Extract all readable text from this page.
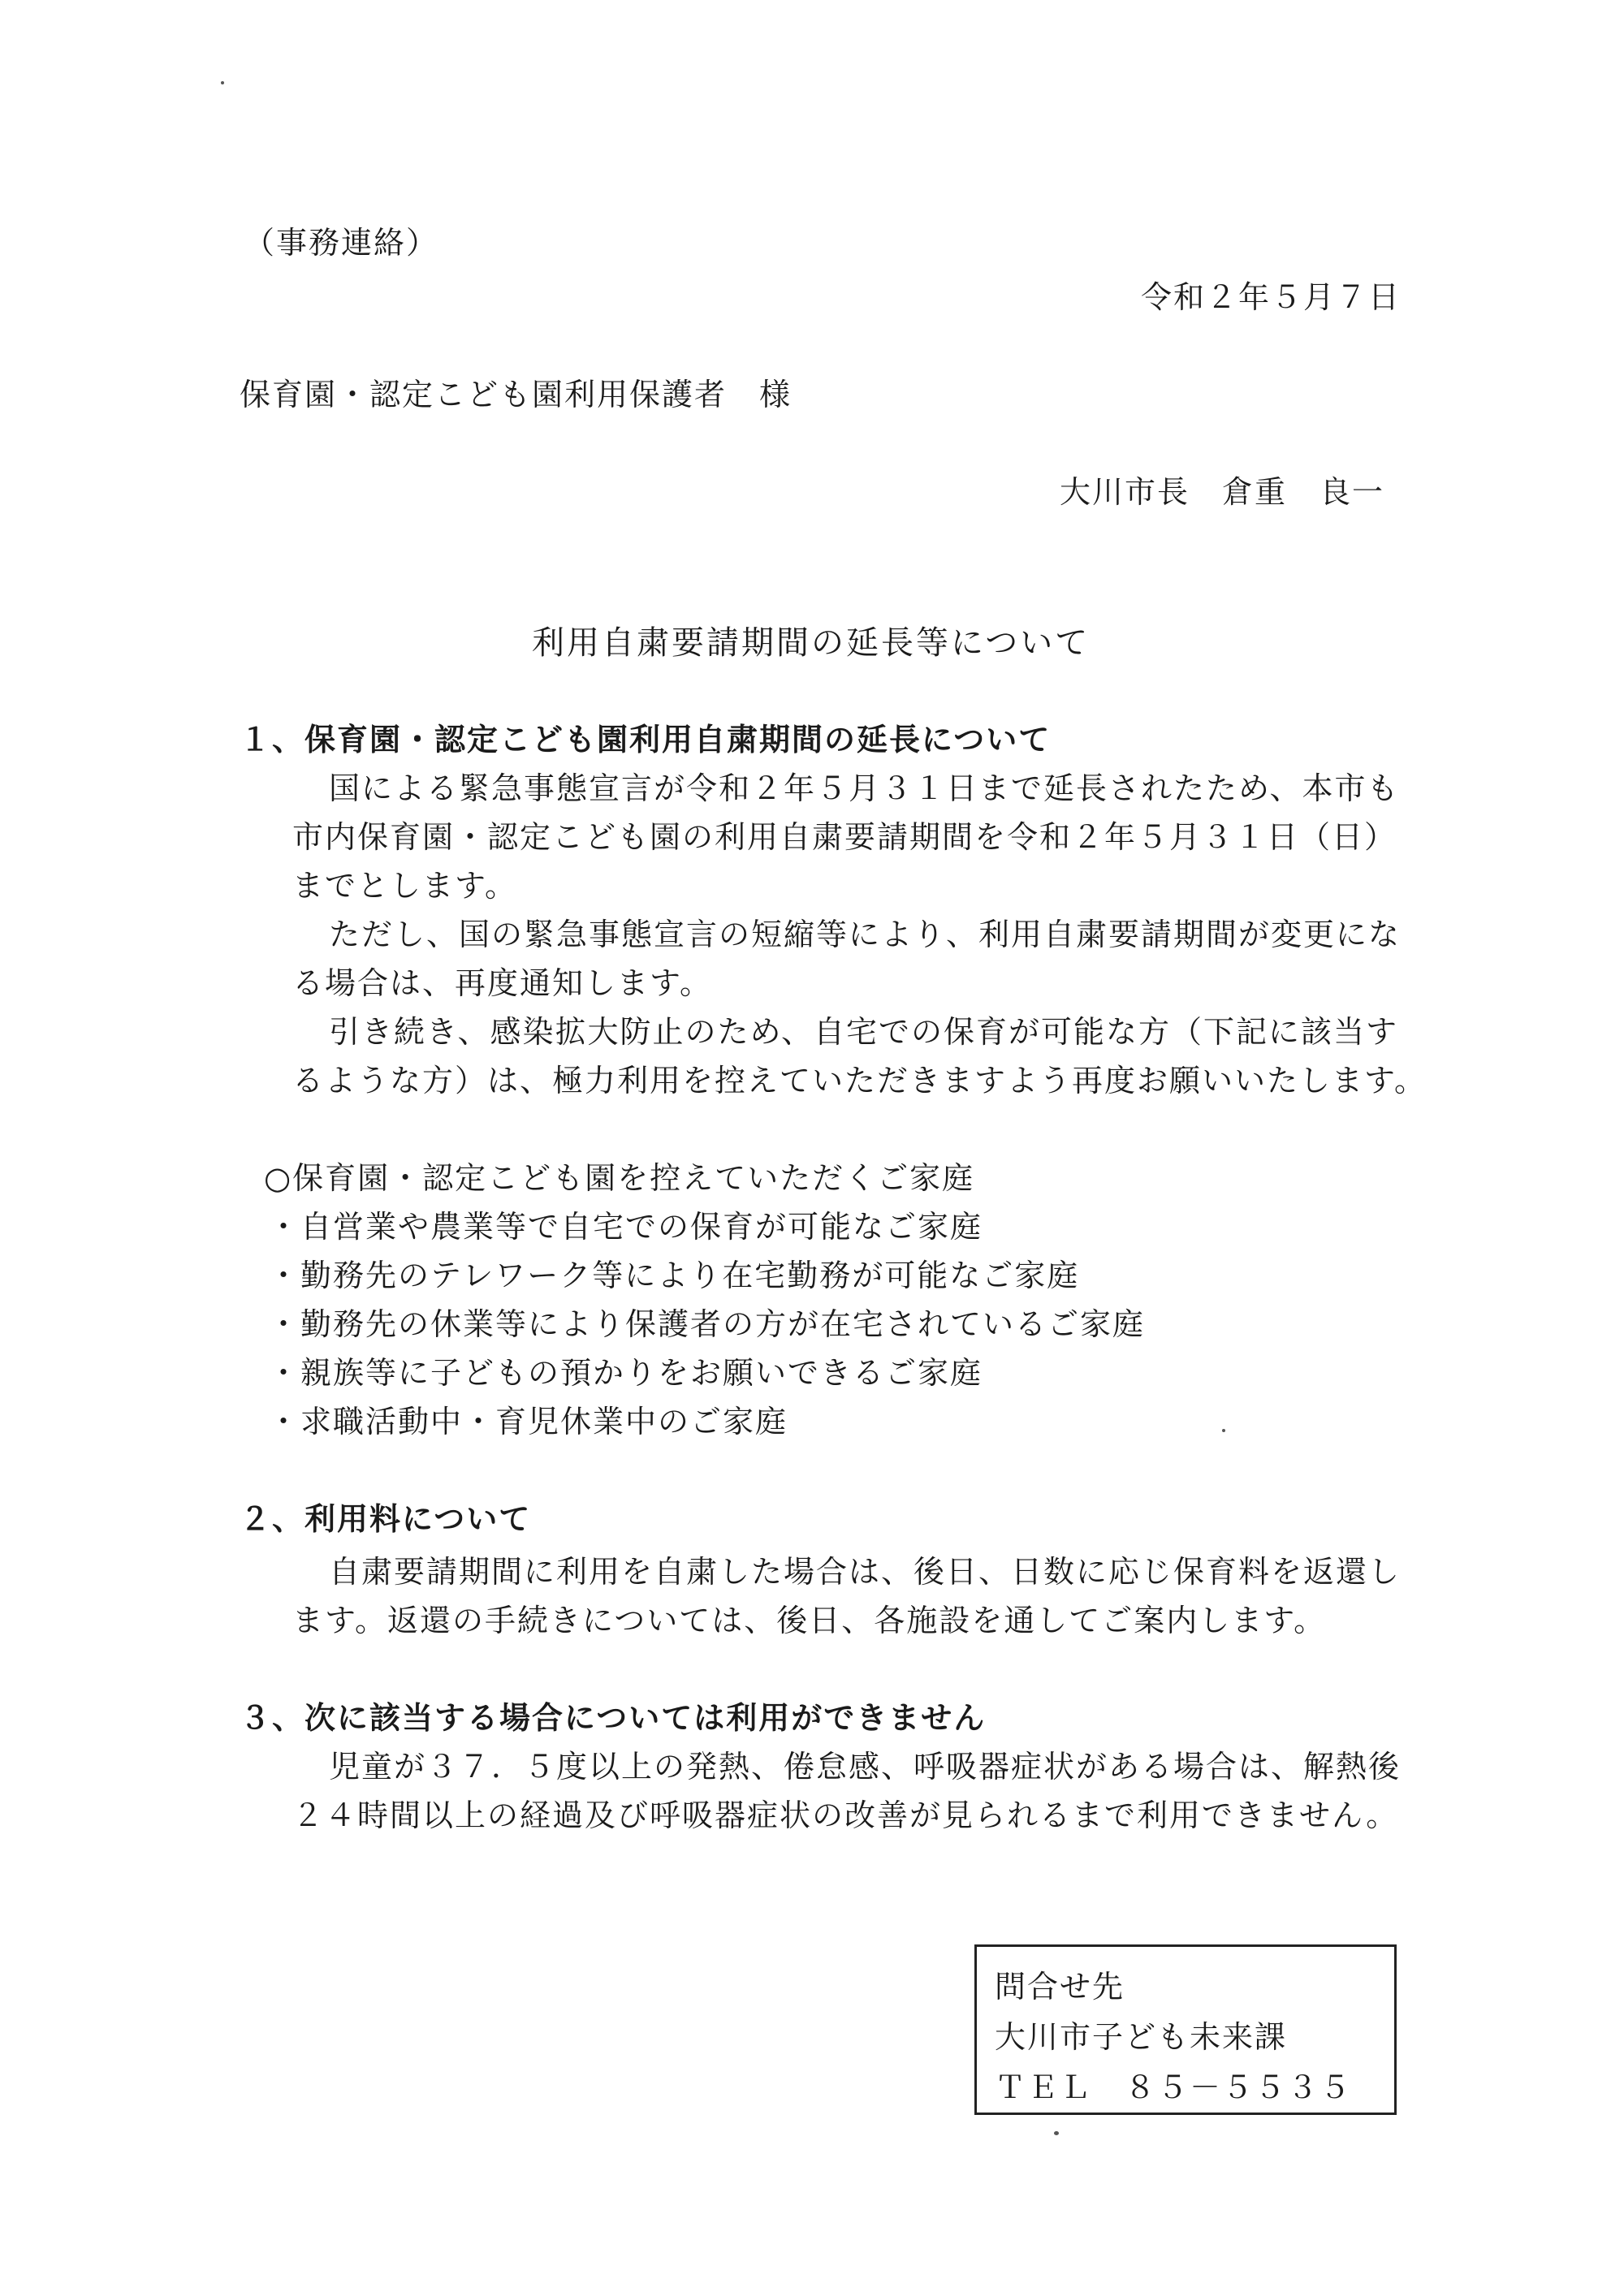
（事務連絡）
令和２年５月７日
保育園・認定こども園利用保護者　様
大川市長　倉重　良一
利用自粛要請期間の延長等について
１、保育園・認定こども園利用自粛期間の延長について
国による緊急事態宣言が令和２年５月３１日まで延長されたため、本市も
市内保育園・認定こども園の利用自粛要請期間を令和２年５月３１日（日）
までとします。
ただし、国の緊急事態宣言の短縮等により、利用自粛要請期間が変更にな
る場合は、再度通知します。
引き続き、感染拡大防止のため、自宅での保育が可能な方（下記に該当す
るような方）は、極力利用を控えていただきますよう再度お願いいたします。
○保育園・認定こども園を控えていただくご家庭
・自営業や農業等で自宅での保育が可能なご家庭
・勤務先のテレワーク等により在宅勤務が可能なご家庭
・勤務先の休業等により保護者の方が在宅されているご家庭
・親族等に子どもの預かりをお願いできるご家庭
・求職活動中・育児休業中のご家庭
２、利用料について
自粛要請期間に利用を自粛した場合は、後日、日数に応じ保育料を返還し
ます。返還の手続きについては、後日、各施設を通してご案内します。
３、次に該当する場合については利用ができません
児童が３７．５度以上の発熱、倦怠感、呼吸器症状がある場合は、解熱後
２４時間以上の経過及び呼吸器症状の改善が見られるまで利用できません。
問合せ先
大川市子ども未来課
ＴＥＬ　８５－５５３５
